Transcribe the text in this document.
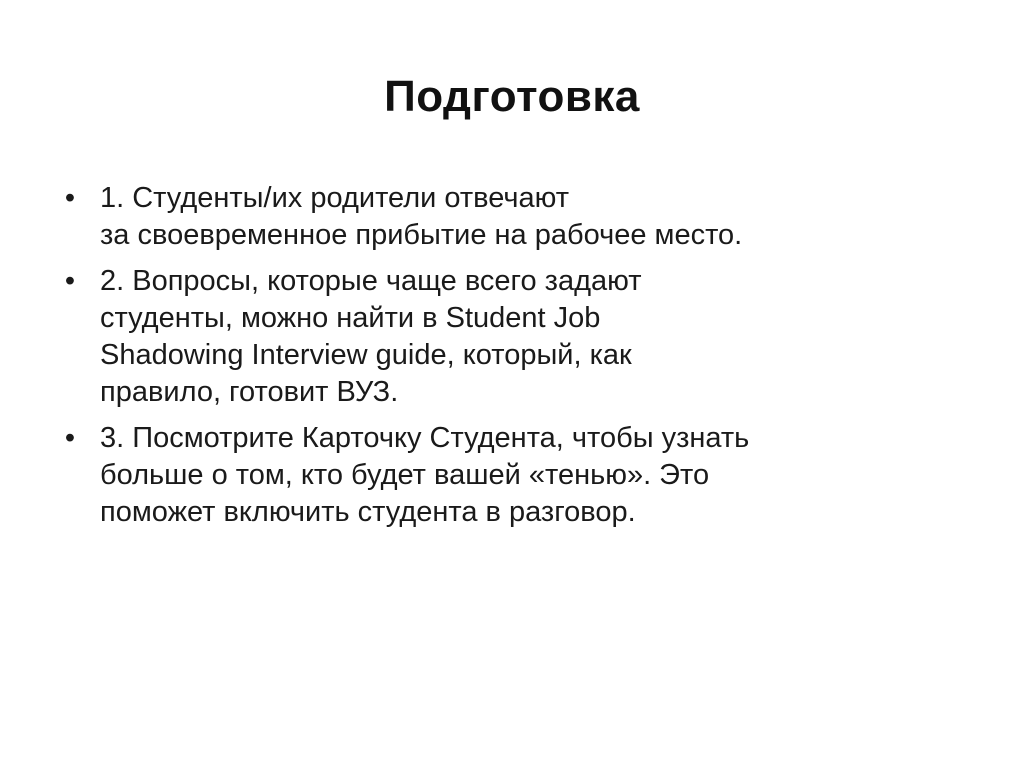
Подготовка
• 1. Студенты/их родители отвечают
за своевременное прибытие на рабочее место.
• 2. Вопросы, которые чаще всего задают
студенты, можно найти в Student Job
Shadowing Interview guide, который, как
правило, готовит ВУЗ.
• 3. Посмотрите Карточку Студента, чтобы узнать
больше о том, кто будет вашей «тенью». Это
поможет включить студента в разговор.
